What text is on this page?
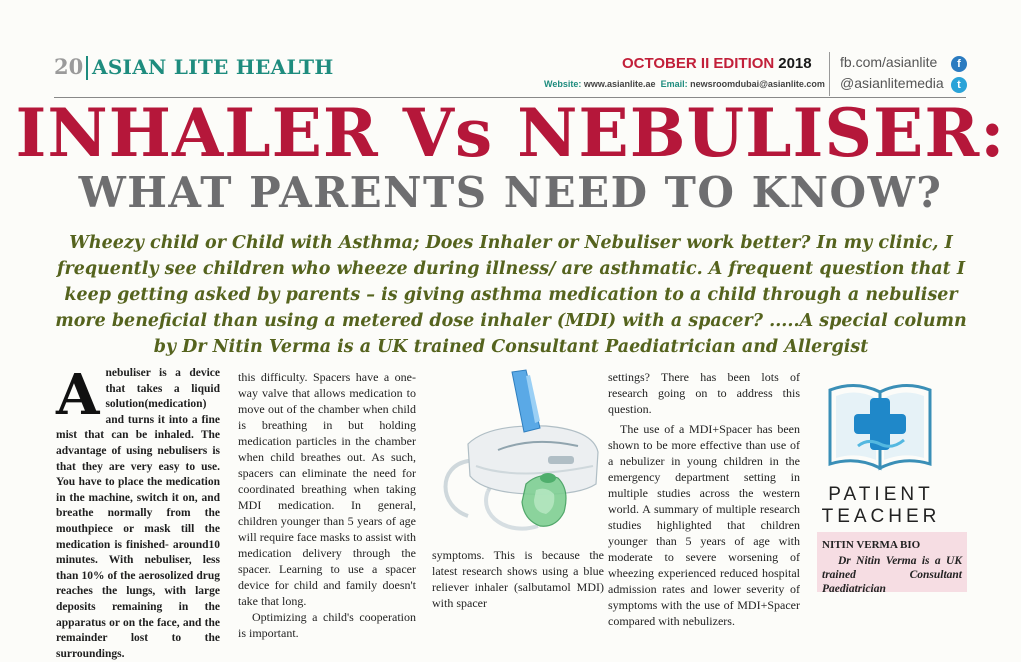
20 ASIAN LITE HEALTH	OCTOBER II EDITION 2018
Website: www.asianlite.ae Email: newsroomdubai@asianlite.com
fb.com/asianlite
@asianlitemedia
f
t
INHALER Vs NEBULISER:
WHAT PARENTS NEED TO KNOW?
Wheezy child or Child with Asthma; Does Inhaler or Nebuliser work better? In my clinic, I frequently see children who wheeze during illness/ are asthmatic. A frequent question that I keep getting asked by parents – is giving asthma medication to a child through a nebuliser more beneficial than using a metered dose inhaler (MDI) with a spacer? .....A special column by Dr Nitin Verma is a UK trained Consultant Paediatrician and Allergist
Anebuliser is a device that takes a liquid solution(medication) and turns it into a fine mist that can be inhaled. The advantage of using nebulisers is that they are very easy to use. You have to place the medication in the machine, switch it on, and breathe normally from the mouthpiece or mask till the medication is finished- around10 minutes. With nebuliser, less than 10% of the aerosolized drug reaches the lungs, with large deposits remaining in the apparatus or on the face, and the remainder lost to the surroundings.

this difficulty. Spacers have a one-way valve that allows medication to move out of the chamber when child is breathing in but holding medication particles in the chamber when child breathes out. As such, spacers can eliminate the need for coordinated breathing when taking MDI medication. In general, children younger than 5 years of age will require face masks to assist with medication delivery through the spacer. Learning to use a spacer device for child and family doesn't take that long.

Optimizing a child's cooperation is important.

symptoms. This is because the latest research shows using a blue reliever inhaler (salbutamol MDI) with spacer

settings? There has been lots of research going on to address this question.

The use of a MDI+Spacer has been shown to be more effective than use of a nebulizer in young children in the emergency department setting in multiple studies across the western world. A summary of multiple research studies highlighted that children younger than 5 years of age with moderate to severe worsening of wheezing experienced reduced hospital admission rates and lower severity of symptoms with the use of MDI+Spacer compared with nebulizers.

PATIENT
TEACHER
NITIN VERMA BIO
Dr Nitin Verma is a UK trained Consultant Paediatrician
